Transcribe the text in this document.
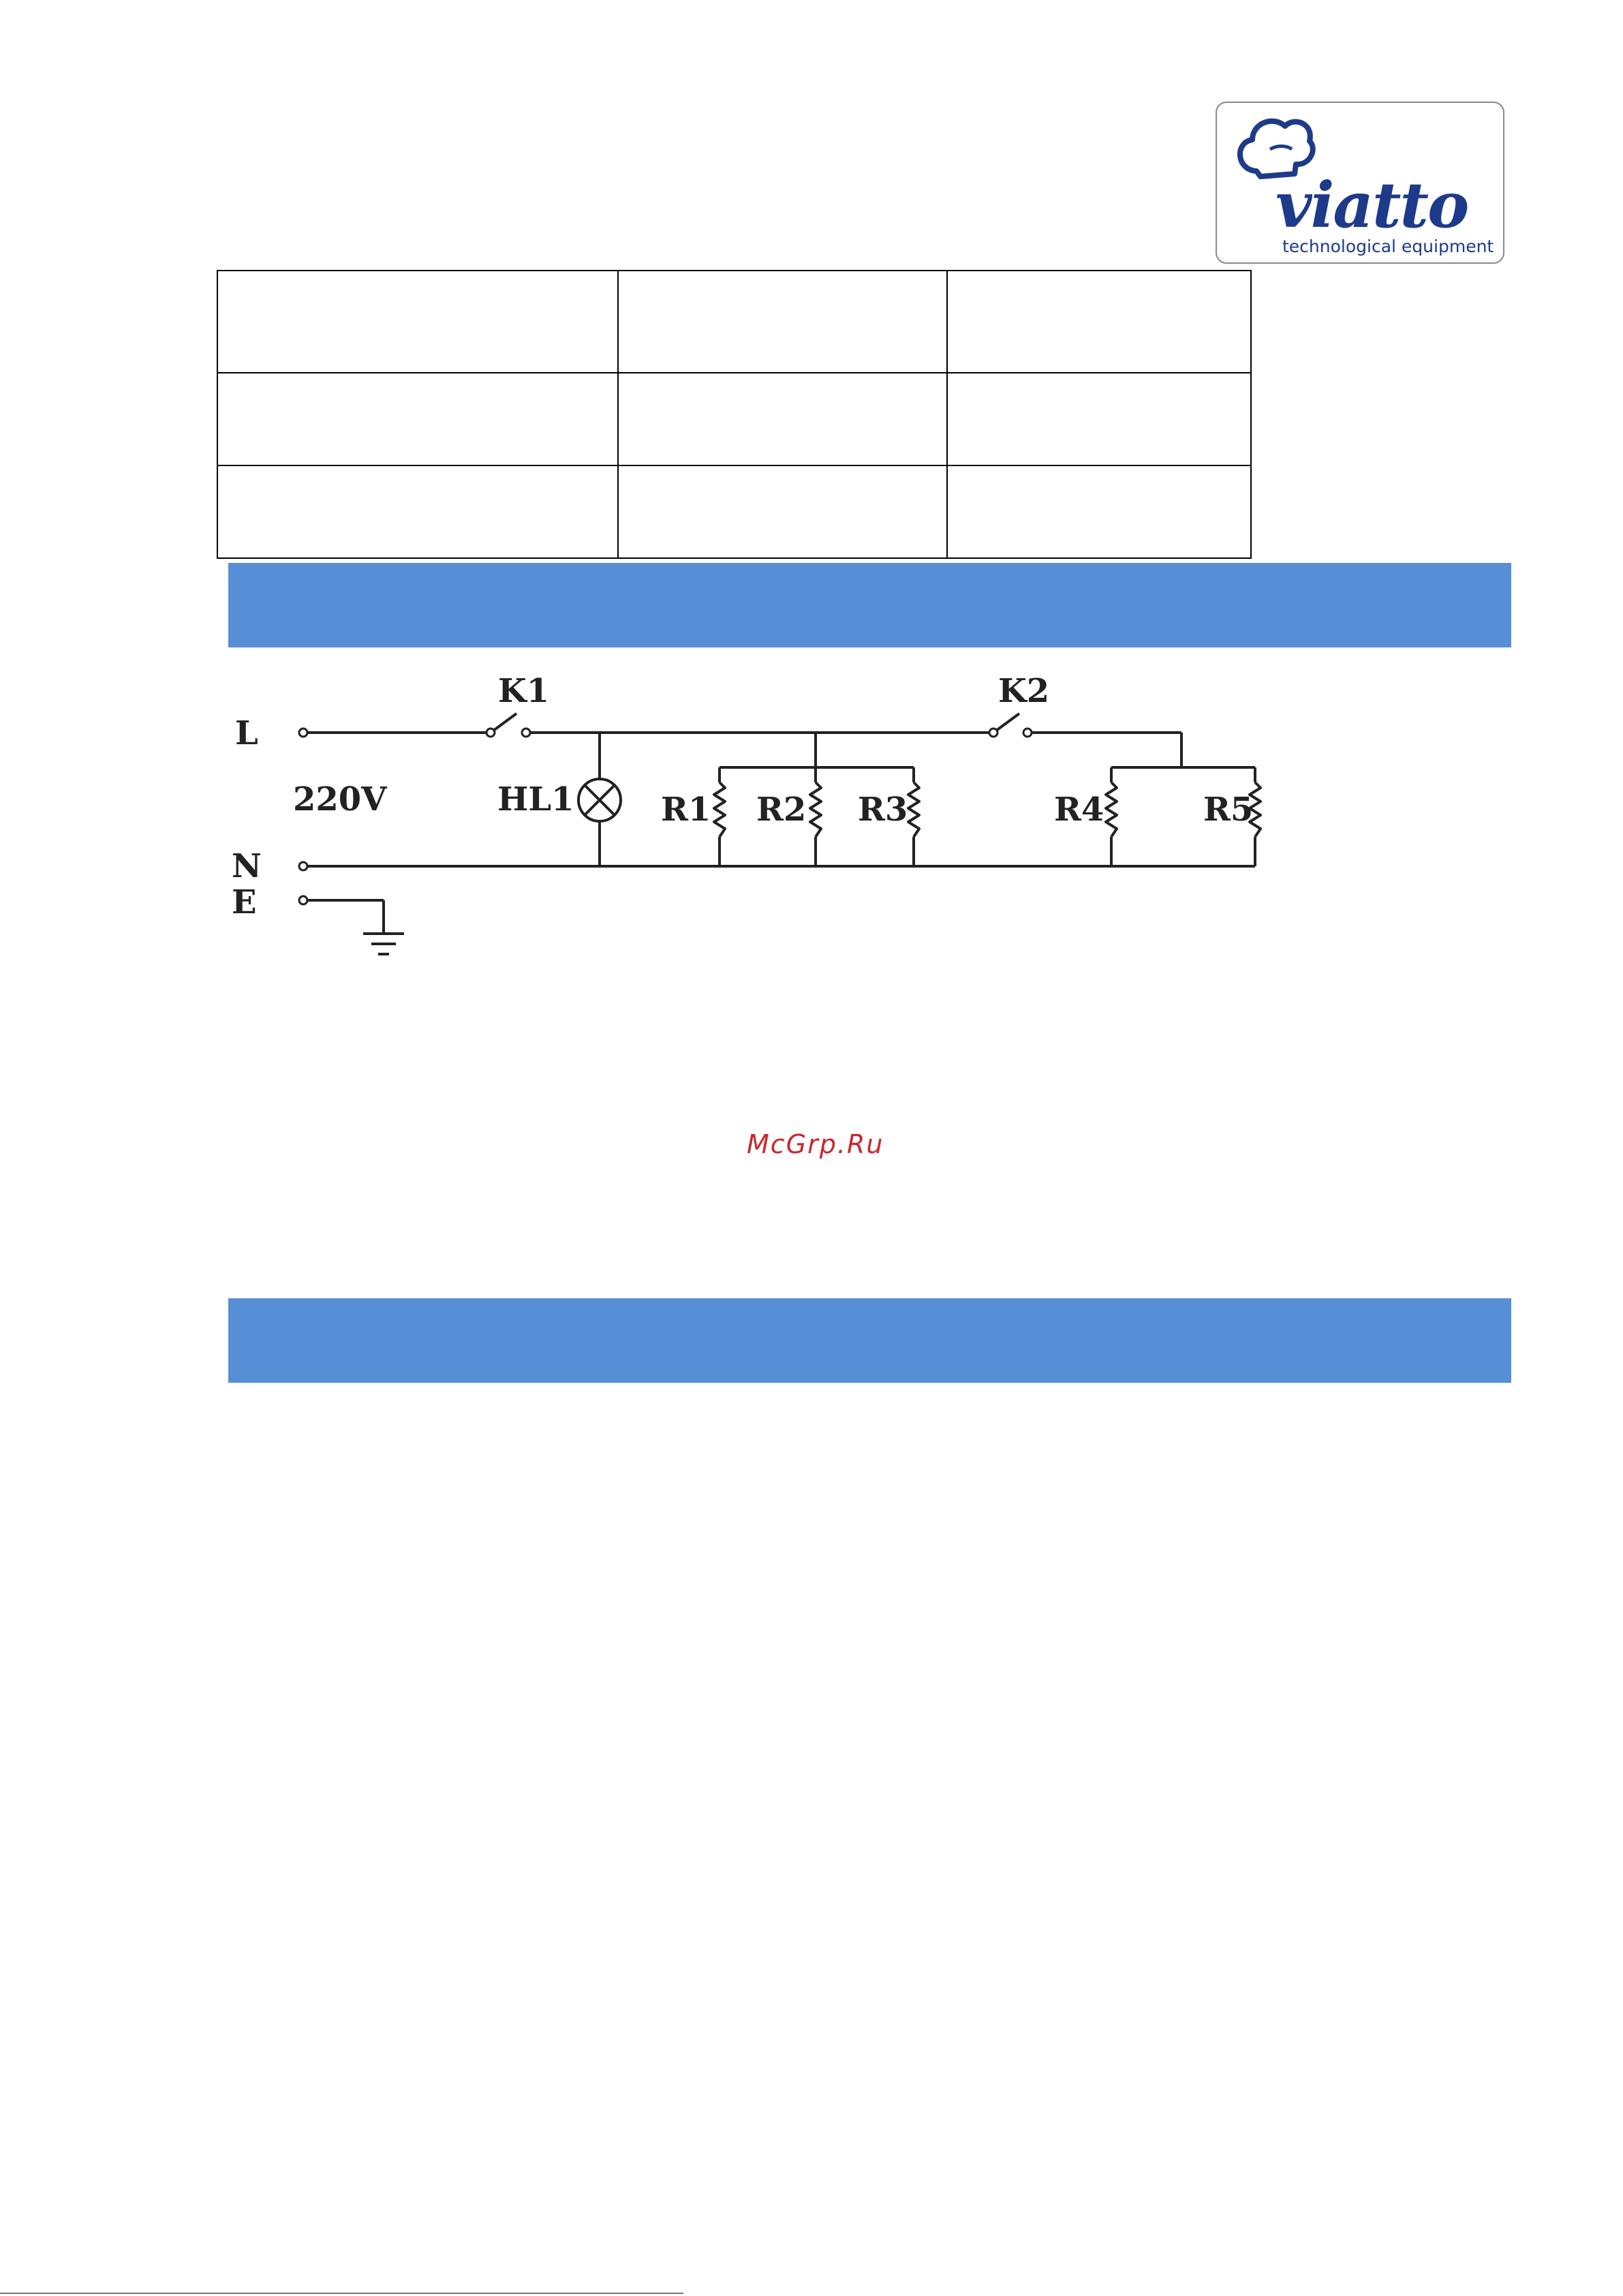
viatto
technological equipment

L
220V
N
E
K1	K2
HL1	R1 R2 R3	R4	R5
McGrp.Ru
